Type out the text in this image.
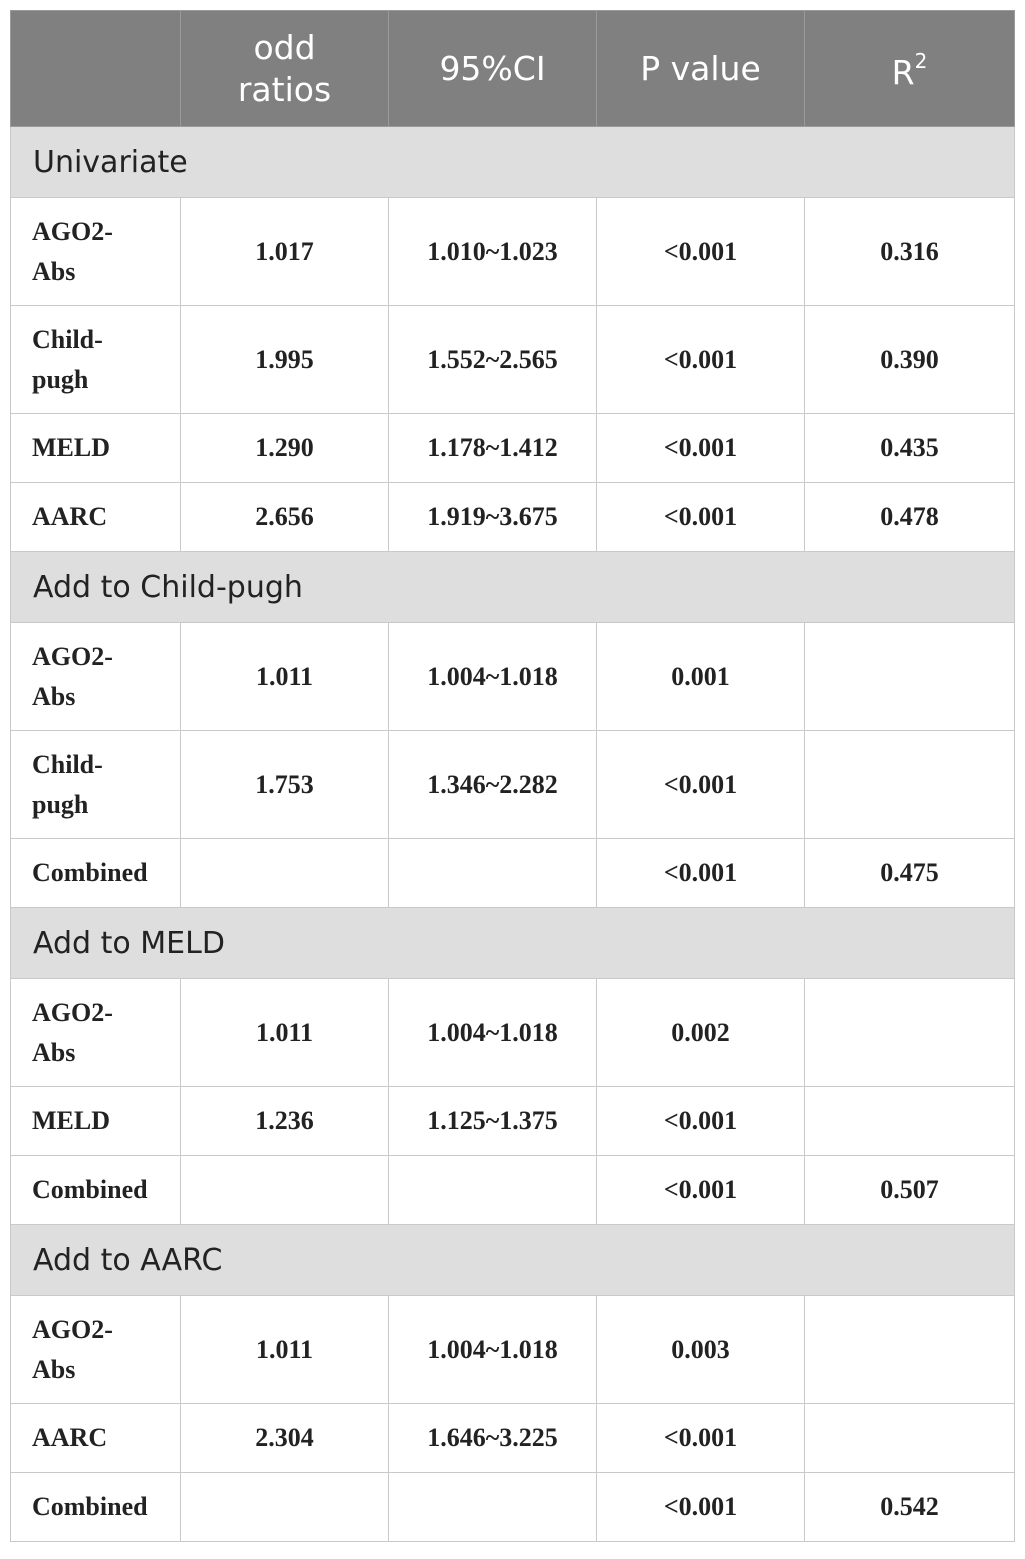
	odd
ratios	95%CI	P value	$R^2$
Univariate				
AGO2-
Abs	1.017	1.010~1.023	<0.001	0.316
Child-
pugh	1.995	1.552~2.565	<0.001	0.390
MELD	1.290	1.178~1.412	<0.001	0.435
AARC	2.656	1.919~3.675	<0.001	0.478
Add to Child-pugh				
AGO2-
Abs	1.011	1.004~1.018	0.001	
Child-
pugh	1.753	1.346~2.282	<0.001	
Combined			<0.001	0.475
Add to MELD				
AGO2-
Abs	1.011	1.004~1.018	0.002	
MELD	1.236	1.125~1.375	<0.001	
Combined			<0.001	0.507
Add to AARC				
AGO2-
Abs	1.011	1.004~1.018	0.003	
AARC	2.304	1.646~3.225	<0.001	
Combined			<0.001	0.542
